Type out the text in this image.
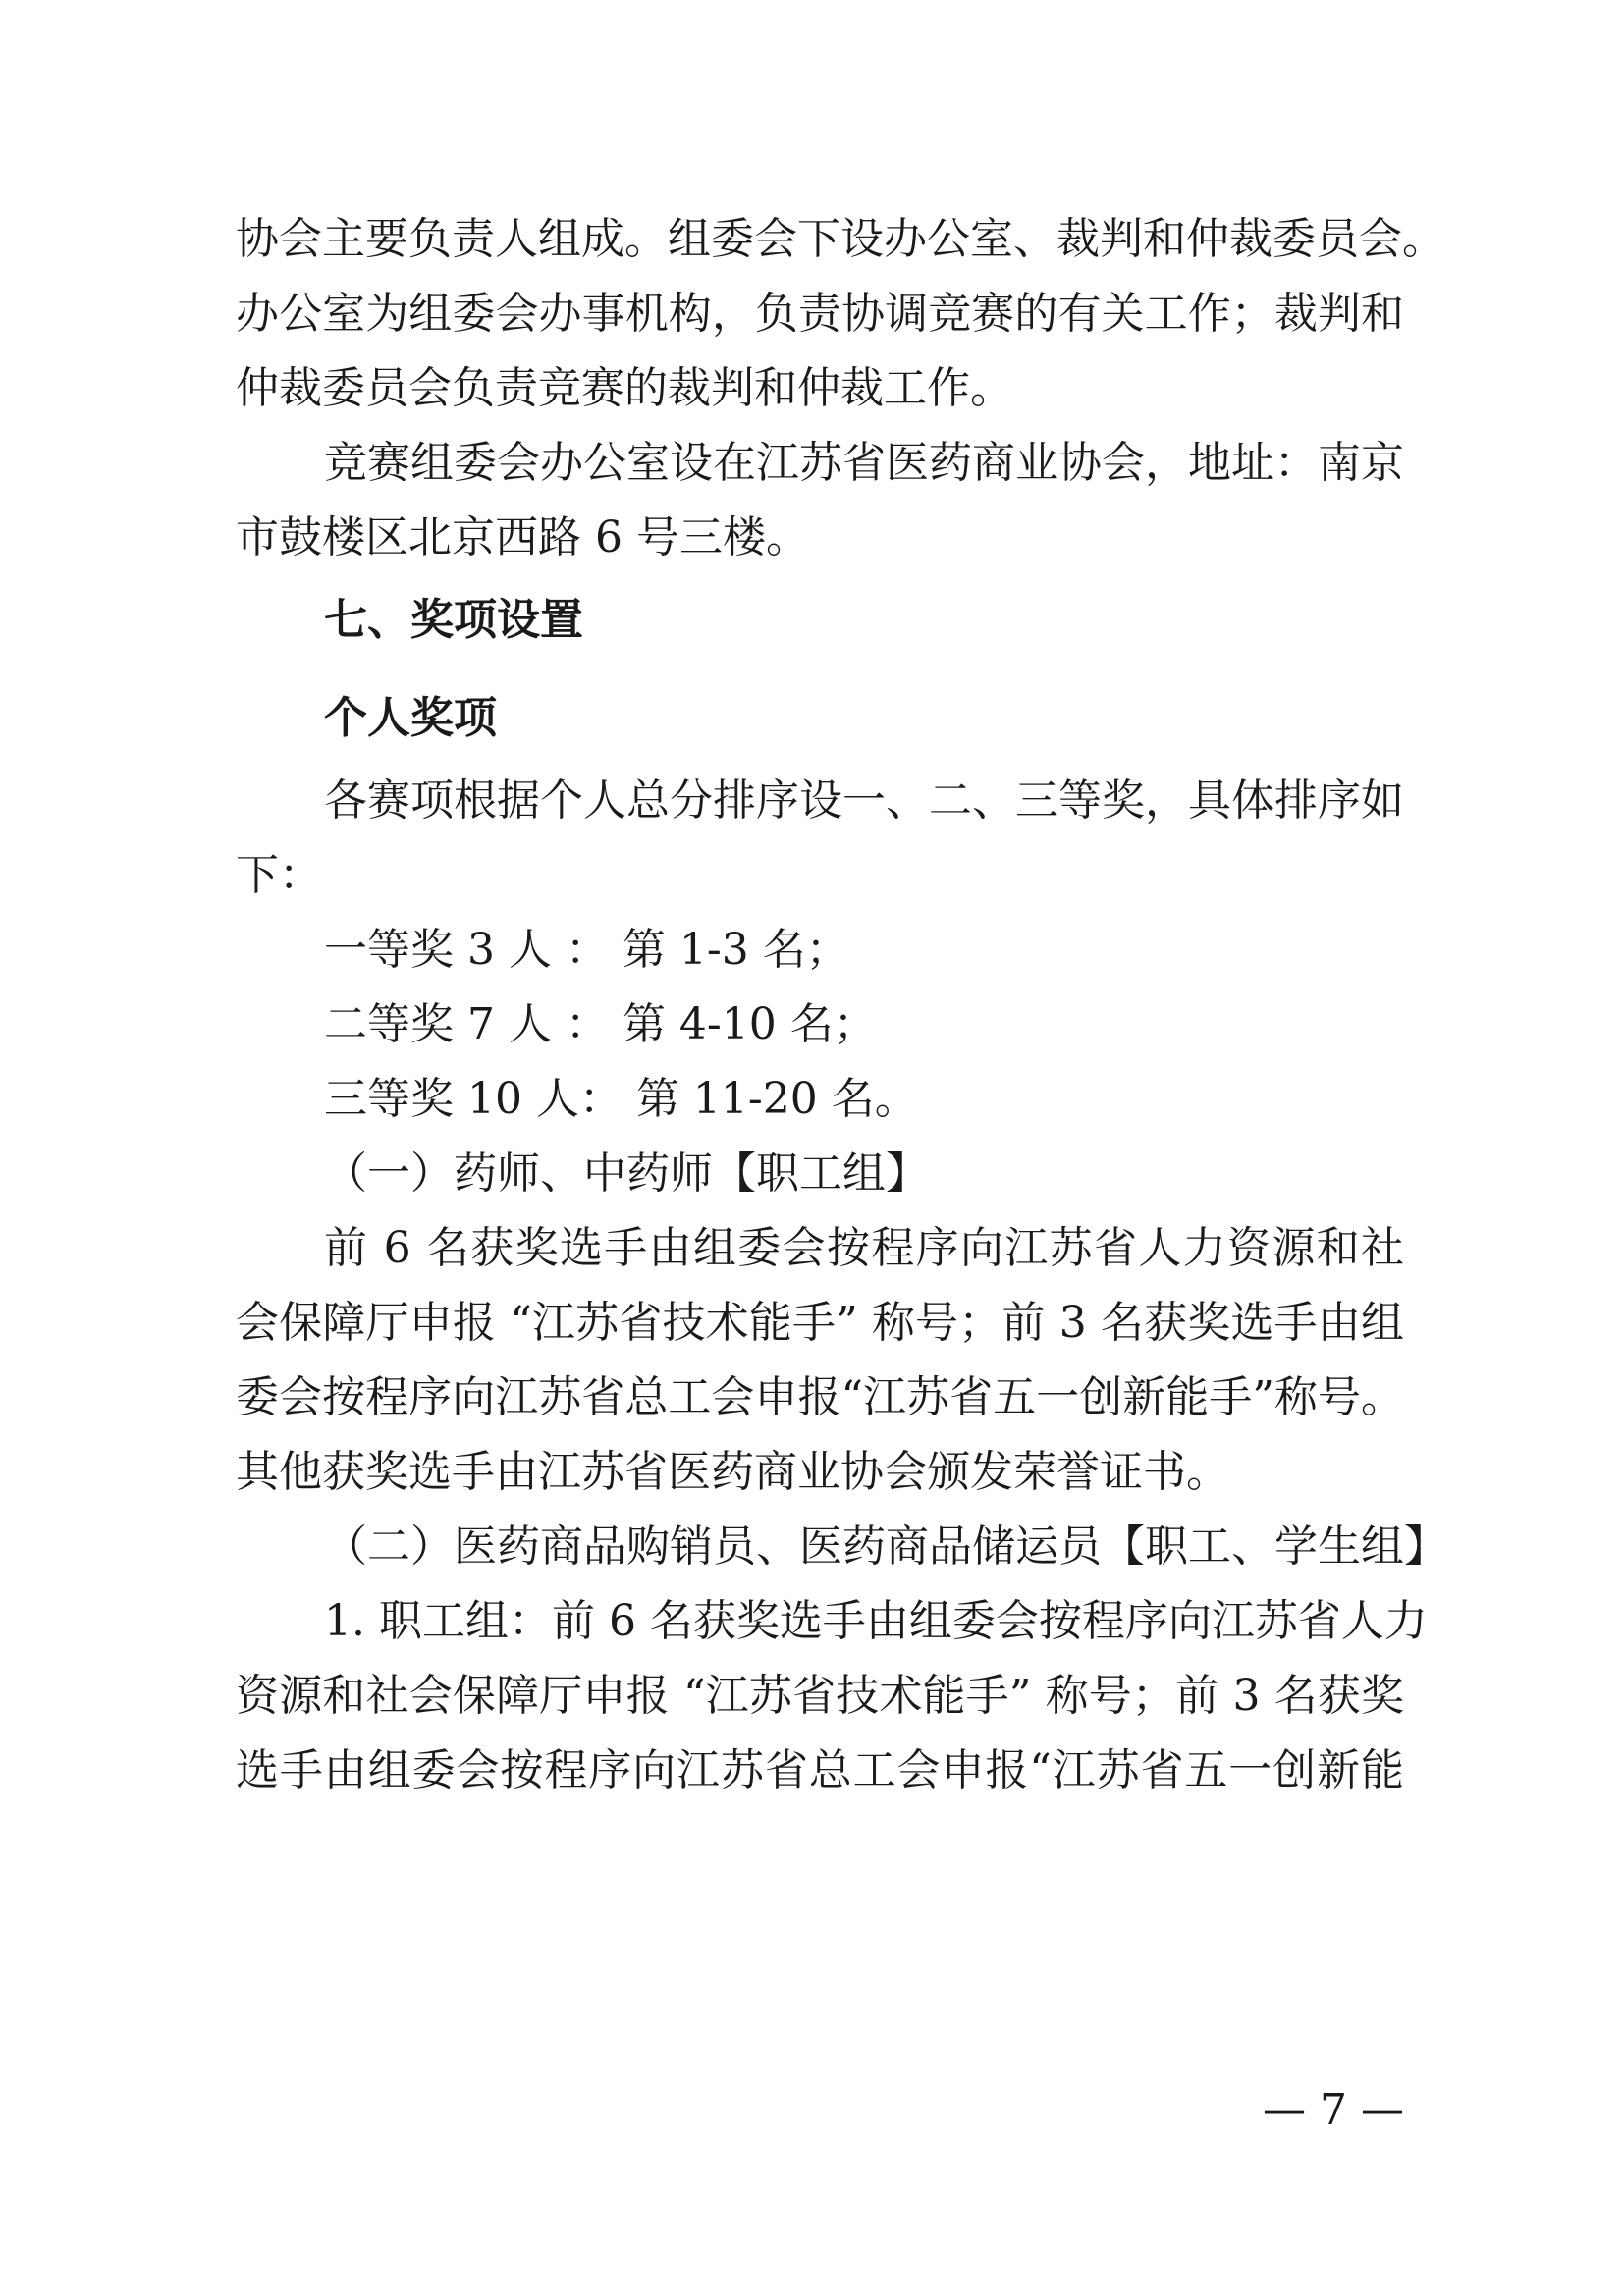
协会主要负责人组成。组委会下设办公室、裁判和仲裁委员会。
办公室为组委会办事机构，负责协调竞赛的有关工作；裁判和
仲裁委员会负责竞赛的裁判和仲裁工作。
竞赛组委会办公室设在江苏省医药商业协会，地址：南京
市鼓楼区北京西路 6 号三楼。
七、奖项设置
个人奖项
各赛项根据个人总分排序设一、二、三等奖，具体排序如
下：
一等奖 3 人 ： 第 1-3 名；
二等奖 7 人 ： 第 4-10 名；
三等奖 10 人： 第 11-20 名。
（一）药师、中药师【职工组】
前 6 名获奖选手由组委会按程序向江苏省人力资源和社
会保障厅申报 “江苏省技术能手” 称号；前 3 名获奖选手由组
委会按程序向江苏省总工会申报“江苏省五一创新能手”称号。
其他获奖选手由江苏省医药商业协会颁发荣誉证书。
（二）医药商品购销员、医药商品储运员【职工、学生组】
1. 职工组：前 6 名获奖选手由组委会按程序向江苏省人力
资源和社会保障厅申报 “江苏省技术能手” 称号；前 3 名获奖
选手由组委会按程序向江苏省总工会申报“江苏省五一创新能
— 7 —
